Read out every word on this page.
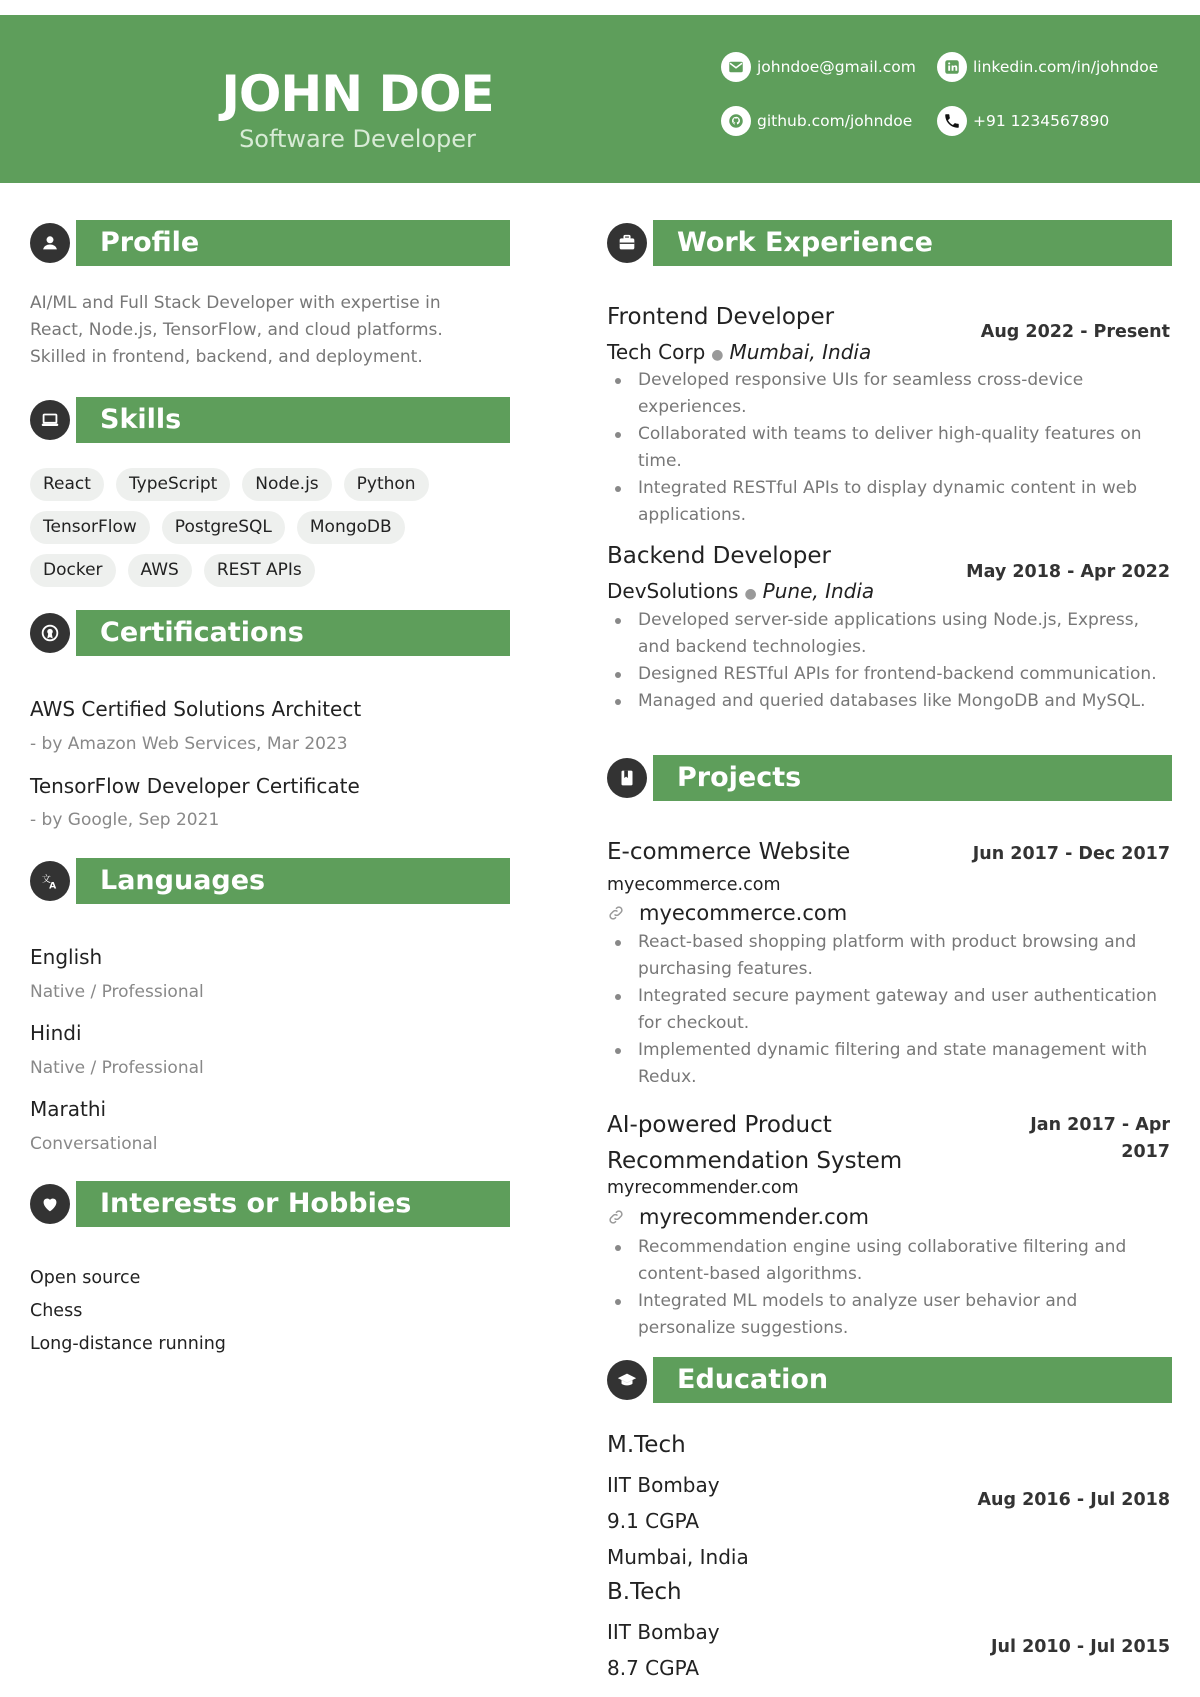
JOHN DOE
Software Developer
johndoe@gmail.com	linkedin.com/in/johndoe
github.com/johndoe	+91 1234567890
Profile
AI/ML and Full Stack Developer with expertise in React, Node.js, TensorFlow, and cloud platforms. Skilled in frontend, backend, and deployment.
Skills
React	TypeScript	Node.js	Python
TensorFlow	PostgreSQL	MongoDB
Docker	AWS	REST APIs
Certifications
AWS Certified Solutions Architect
- by Amazon Web Services, Mar 2023
TensorFlow Developer Certificate
- by Google, Sep 2021
文
A	Languages
English
Native / Professional
Hindi
Native / Professional
Marathi
Conversational
Interests or Hobbies
Open source
Chess
Long-distance running
Work Experience
Frontend Developer
Aug 2022 - Present
Tech Corp ● Mumbai, India
Developed responsive UIs for seamless cross-device experiences.
Collaborated with teams to deliver high-quality features on time.
Integrated RESTful APIs to display dynamic content in web applications.
Backend Developer
May 2018 - Apr 2022
DevSolutions ● Pune, India
Developed server-side applications using Node.js, Express, and backend technologies.
Designed RESTful APIs for frontend-backend communication.
Managed and queried databases like MongoDB and MySQL.
Projects
E-commerce Website	Jun 2017 - Dec 2017
myecommerce.com
myecommerce.com
React-based shopping platform with product browsing and purchasing features.
Integrated secure payment gateway and user authentication for checkout.
Implemented dynamic filtering and state management with Redux.
AI-powered Product Recommendation System
Jan 2017 - Apr 2017
myrecommender.com
myrecommender.com
Recommendation engine using collaborative filtering and content-based algorithms.
Integrated ML models to analyze user behavior and personalize suggestions.
Education
M.Tech
IIT Bombay
Aug 2016 - Jul 2018
9.1 CGPA
Mumbai, India
B.Tech
IIT Bombay
Jul 2010 - Jul 2015
8.7 CGPA
